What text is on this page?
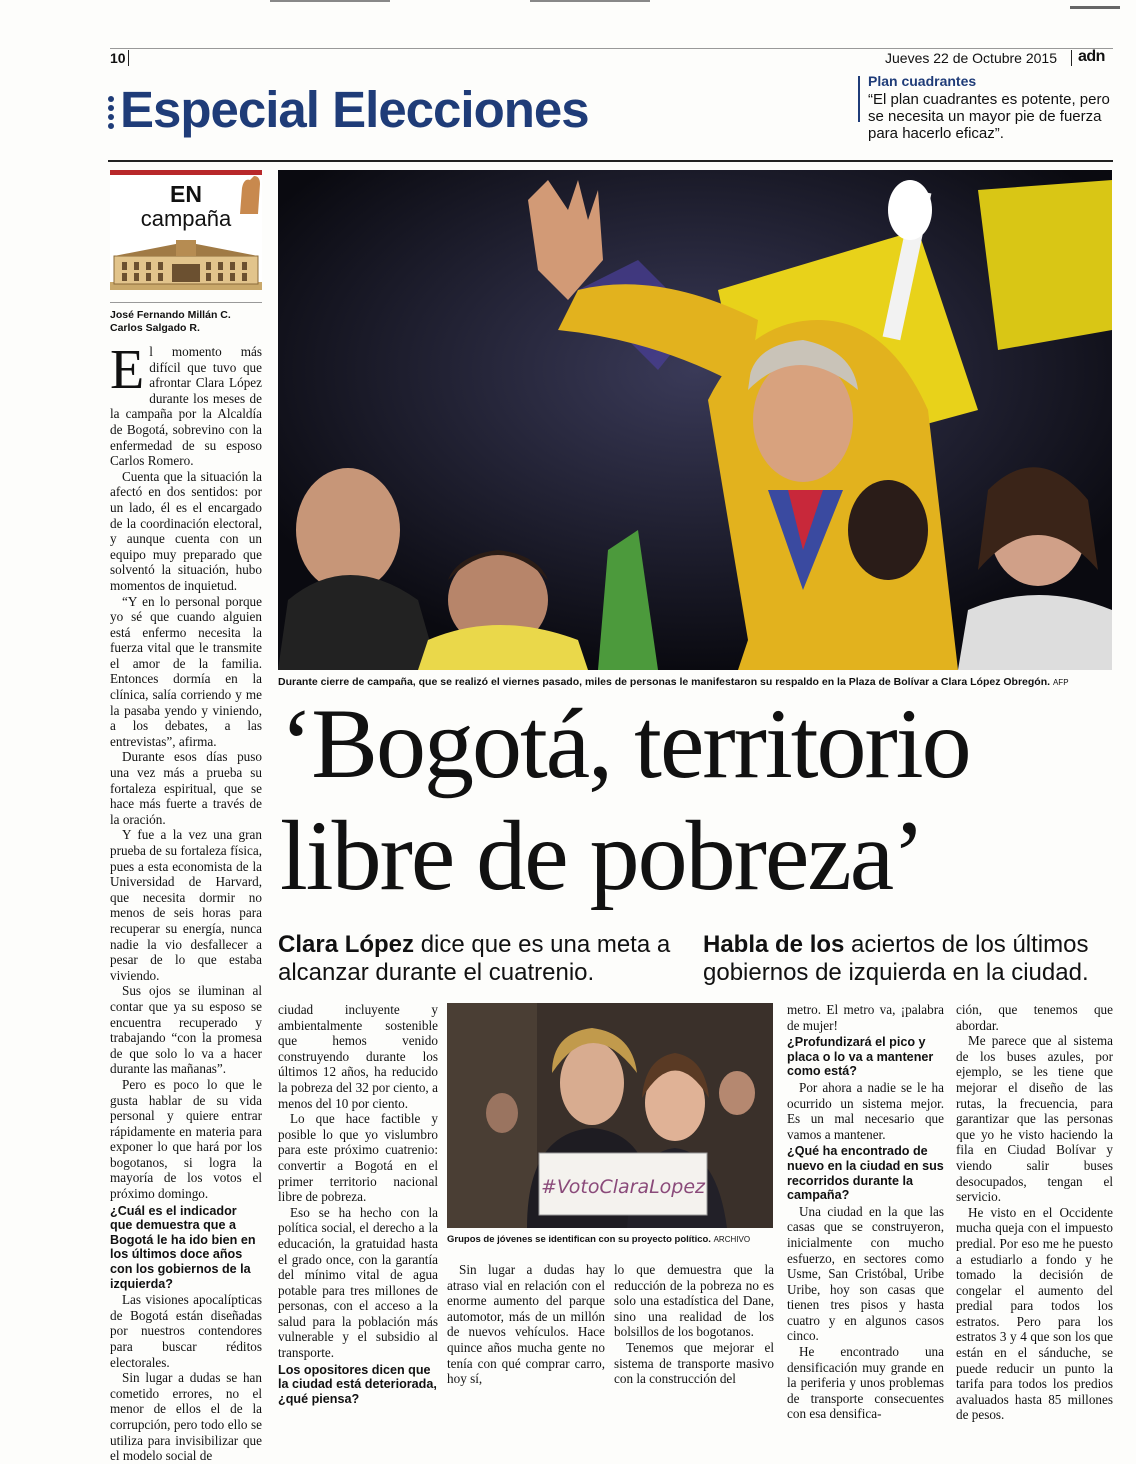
10	Jueves 22 de Octubre 2015 adn
Especial Elecciones	Plan cuadrantes
“El plan cuadrantes es potente, pero se necesita un mayor pie de fuerza para hacerlo eficaz”.
EN
campaña
José Fernando Millán C.
Carlos Salgado R.

El momento más difícil que tuvo que afrontar Clara López durante los meses de la campaña por la Alcaldía de Bogotá, sobrevino con la enfermedad de su esposo Carlos Romero.

Cuenta que la situación la afectó en dos sentidos: por un lado, él es el encargado de la coordinación electoral, y aunque cuenta con un equipo muy preparado que solventó la situación, hubo momentos de inquietud.

“Y en lo personal porque yo sé que cuando alguien está enfermo necesita la fuerza vital que le transmite el amor de la familia. Entonces dormía en la clínica, salía corriendo y me la pasaba yendo y viniendo, a los debates, a las entrevistas”, afirma.

Durante esos días puso una vez más a prueba su fortaleza espiritual, que se hace más fuerte a través de la oración.

Y fue a la vez una gran prueba de su fortaleza física, pues a esta economista de la Universidad de Harvard, que necesita dormir no menos de seis horas para recuperar su energía, nunca nadie la vio desfallecer a pesar de lo que estaba viviendo.

Sus ojos se iluminan al contar que ya su esposo se encuentra recuperado y trabajando “con la promesa de que solo lo va a hacer durante las mañanas”.

Pero es poco lo que le gusta hablar de su vida personal y quiere entrar rápidamente en materia para exponer lo que hará por los bogotanos, si logra la mayoría de los votos el próximo domingo.

¿Cuál es el indicador que demuestra que a Bogotá le ha ido bien en los últimos doce años con los gobiernos de la izquierda?

Las visiones apocalípticas de Bogotá están diseñadas por nuestros contendores para buscar réditos electorales.

Sin lugar a dudas se han cometido errores, no el menor de ellos el de la corrupción, pero todo ello se utiliza para invisibilizar que el modelo social de

Durante cierre de campaña, que se realizó el viernes pasado, miles de personas le manifestaron su respaldo en la Plaza de Bolívar a Clara López Obregón. AFP
‘Bogotá, territorio
libre de pobreza’
Clara López dice que es una meta a alcanzar durante el cuatrenio.
Habla de los aciertos de los últimos gobiernos de izquierda en la ciudad.

ciudad incluyente y ambientalmente sostenible que hemos venido construyendo durante los últimos 12 años, ha reducido la pobreza del 32 por ciento, a menos del 10 por ciento.

Lo que hace factible y posible lo que yo vislumbro para este próximo cuatrenio: convertir a Bogotá en el primer territorio nacional libre de pobreza.

Eso se ha hecho con la política social, el derecho a la educación, la gratuidad hasta el grado once, con la garantía del mínimo vital de agua potable para tres millones de personas, con el acceso a la salud para la población más vulnerable y el subsidio al transporte.

Los opositores dicen que la ciudad está deteriorada, ¿qué piensa?

#VotoClaraLopez
Grupos de jóvenes se identifican con su proyecto político. ARCHIVO

Sin lugar a dudas hay atraso vial en relación con el enorme aumento del parque automotor, más de un millón de nuevos vehículos. Hace quince años mucha gente no tenía con qué comprar carro, hoy sí,

lo que demuestra que la reducción de la pobreza no es solo una estadística del Dane, sino una realidad de los bolsillos de los bogotanos.

Tenemos que mejorar el sistema de transporte masivo con la construcción del

metro. El metro va, ¡palabra de mujer!

¿Profundizará el pico y placa o lo va a mantener como está?

Por ahora a nadie se le ha ocurrido un sistema mejor. Es un mal necesario que vamos a mantener.

¿Qué ha encontrado de nuevo en la ciudad en sus recorridos durante la campaña?

Una ciudad en la que las casas que se construyeron, inicialmente con mucho esfuerzo, en sectores como Usme, San Cristóbal, Uribe Uribe, hoy son casas que tienen tres pisos y hasta cuatro y en algunos casos cinco.

He encontrado una densificación muy grande en la periferia y unos problemas de transporte consecuentes con esa densifica-

ción, que tenemos que abordar.

Me parece que al sistema de los buses azules, por ejemplo, se les tiene que mejorar el diseño de las rutas, la frecuencia, para garantizar que las personas que yo he visto haciendo la fila en Ciudad Bolívar y viendo salir buses desocupados, tengan el servicio.

He visto en el Occidente mucha queja con el impuesto predial. Por eso me he puesto a estudiarlo a fondo y he tomado la decisión de congelar el aumento del predial para todos los estratos. Pero para los estratos 3 y 4 que son los que están en el sánduche, se puede reducir un punto la tarifa para todos los predios avaluados hasta 85 millones de pesos.
